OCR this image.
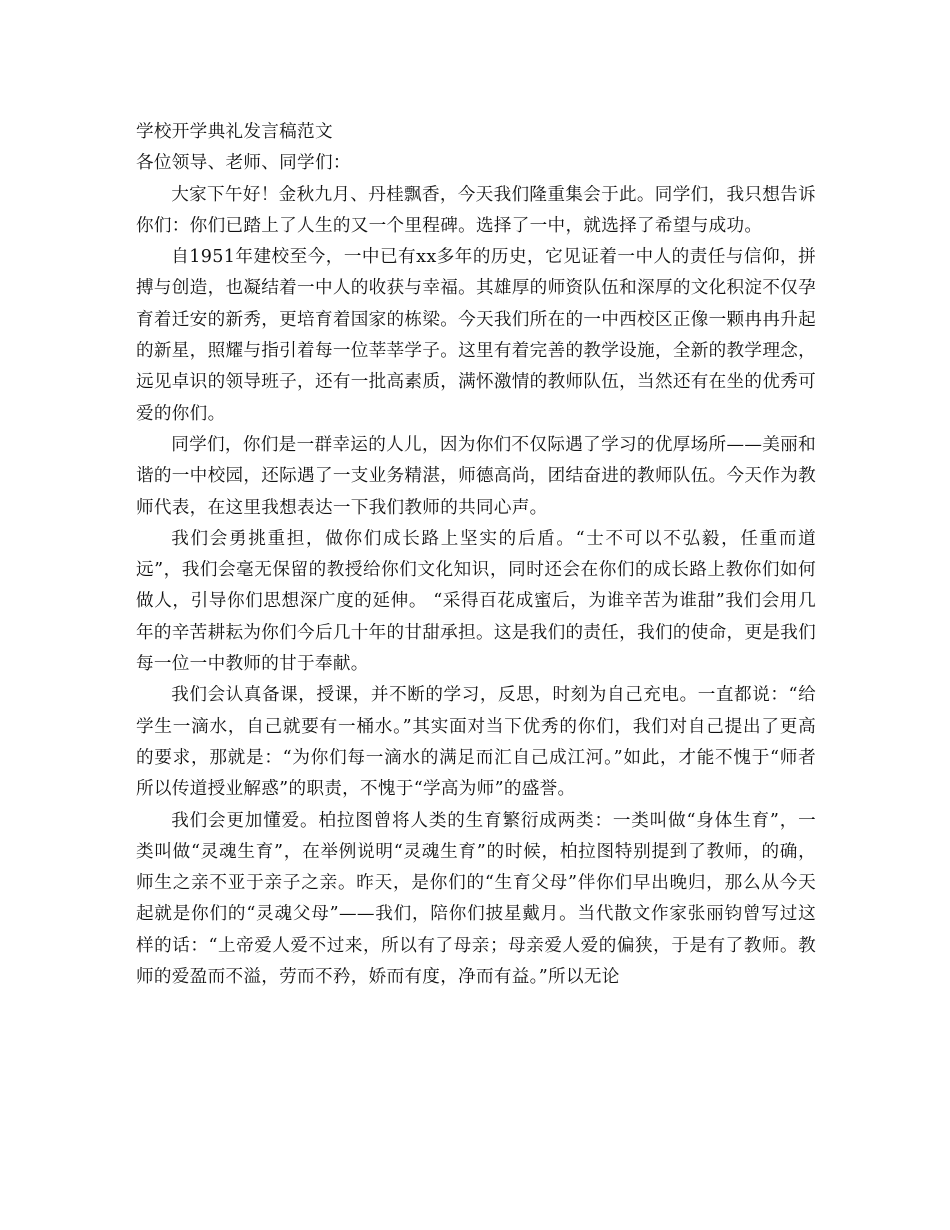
学校开学典礼发言稿范文

各位领导、老师、同学们：

大家下午好！金秋九月、丹桂飘香，今天我们隆重集会于此。同学们，我只想告诉你们：你们已踏上了人生的又一个里程碑。选择了一中，就选择了希望与成功。

自1951年建校至今，一中已有xx多年的历史，它见证着一中人的责任与信仰，拼搏与创造，也凝结着一中人的收获与幸福。其雄厚的师资队伍和深厚的文化积淀不仅孕育着迁安的新秀，更培育着国家的栋梁。今天我们所在的一中西校区正像一颗冉冉升起的新星，照耀与指引着每一位莘莘学子。这里有着完善的教学设施，全新的教学理念，远见卓识的领导班子，还有一批高素质，满怀激情的教师队伍，当然还有在坐的优秀可爱的你们。

同学们，你们是一群幸运的人儿，因为你们不仅际遇了学习的优厚场所——美丽和谐的一中校园，还际遇了一支业务精湛，师德高尚，团结奋进的教师队伍。今天作为教师代表，在这里我想表达一下我们教师的共同心声。

我们会勇挑重担，做你们成长路上坚实的后盾。“士不可以不弘毅，任重而道远”，我们会毫无保留的教授给你们文化知识，同时还会在你们的成长路上教你们如何做人，引导你们思想深广度的延伸。 “采得百花成蜜后，为谁辛苦为谁甜”我们会用几年的辛苦耕耘为你们今后几十年的甘甜承担。这是我们的责任，我们的使命，更是我们每一位一中教师的甘于奉献。

我们会认真备课，授课，并不断的学习，反思，时刻为自己充电。一直都说：“给学生一滴水，自己就要有一桶水。”其实面对当下优秀的你们，我们对自己提出了更高的要求，那就是：“为你们每一滴水的满足而汇自己成江河。”如此，才能不愧于“师者所以传道授业解惑”的职责，不愧于“学高为师”的盛誉。

我们会更加懂爱。柏拉图曾将人类的生育繁衍成两类：一类叫做“身体生育”，一类叫做“灵魂生育”，在举例说明“灵魂生育”的时候，柏拉图特别提到了教师，的确，师生之亲不亚于亲子之亲。昨天，是你们的“生育父母”伴你们早出晚归，那么从今天起就是你们的“灵魂父母”——我们，陪你们披星戴月。当代散文作家张丽钧曾写过这样的话：“上帝爱人爱不过来，所以有了母亲；母亲爱人爱的偏狭，于是有了教师。教师的爱盈而不溢，劳而不矜，娇而有度，净而有益。”所以无论
